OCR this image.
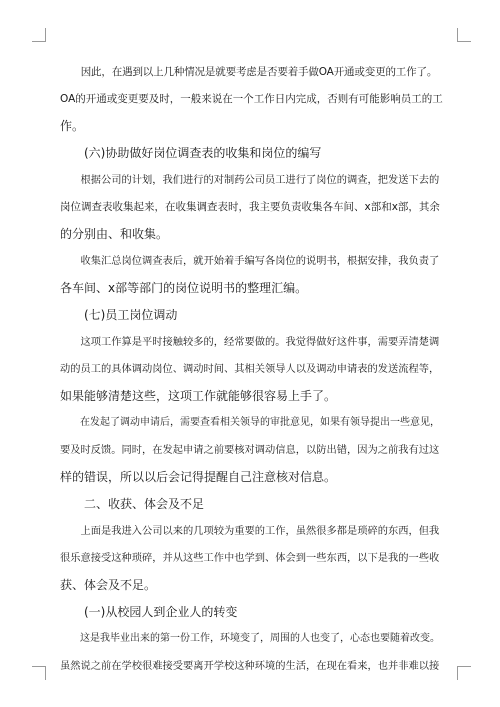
　　因此，在遇到以上几种情况是就要考虑是否要着手做OA开通或变更的工作了。

OA的开通或变更要及时，一般来说在一个工作日内完成，否则有可能影响员工的工

作。

　　(六)协助做好岗位调查表的收集和岗位的编写

　　根据公司的计划，我们进行的对制药公司员工进行了岗位的调查，把发送下去的

岗位调查表收集起来，在收集调查表时，我主要负责收集各车间、x部和x部，其余

的分别由、和收集。

　　收集汇总岗位调查表后，就开始着手编写各岗位的说明书，根据安排，我负责了

各车间、x部等部门的岗位说明书的整理汇编。

　　(七)员工岗位调动

　　这项工作算是平时接触较多的，经常要做的。我觉得做好这件事，需要弄清楚调

动的员工的具体调动岗位、调动时间、其相关领导人以及调动申请表的发送流程等，

如果能够清楚这些，这项工作就能够很容易上手了。

　　在发起了调动申请后，需要查看相关领导的审批意见，如果有领导提出一些意见，

要及时反馈。同时，在发起申请之前要核对调动信息，以防出错，因为之前我有过这

样的错误，所以以后会记得提醒自己注意核对信息。

　　二、收获、体会及不足

　　上面是我进入公司以来的几项较为重要的工作，虽然很多都是琐碎的东西，但我

很乐意接受这种琐碎，并从这些工作中也学到、体会到一些东西，以下是我的一些收

获、体会及不足。

　　(一)从校园人到企业人的转变

　　这是我毕业出来的第一份工作，环境变了，周围的人也变了，心态也要随着改变。

虽然说之前在学校很难接受要离开学校这种环境的生活，在现在看来，也并非难以接
